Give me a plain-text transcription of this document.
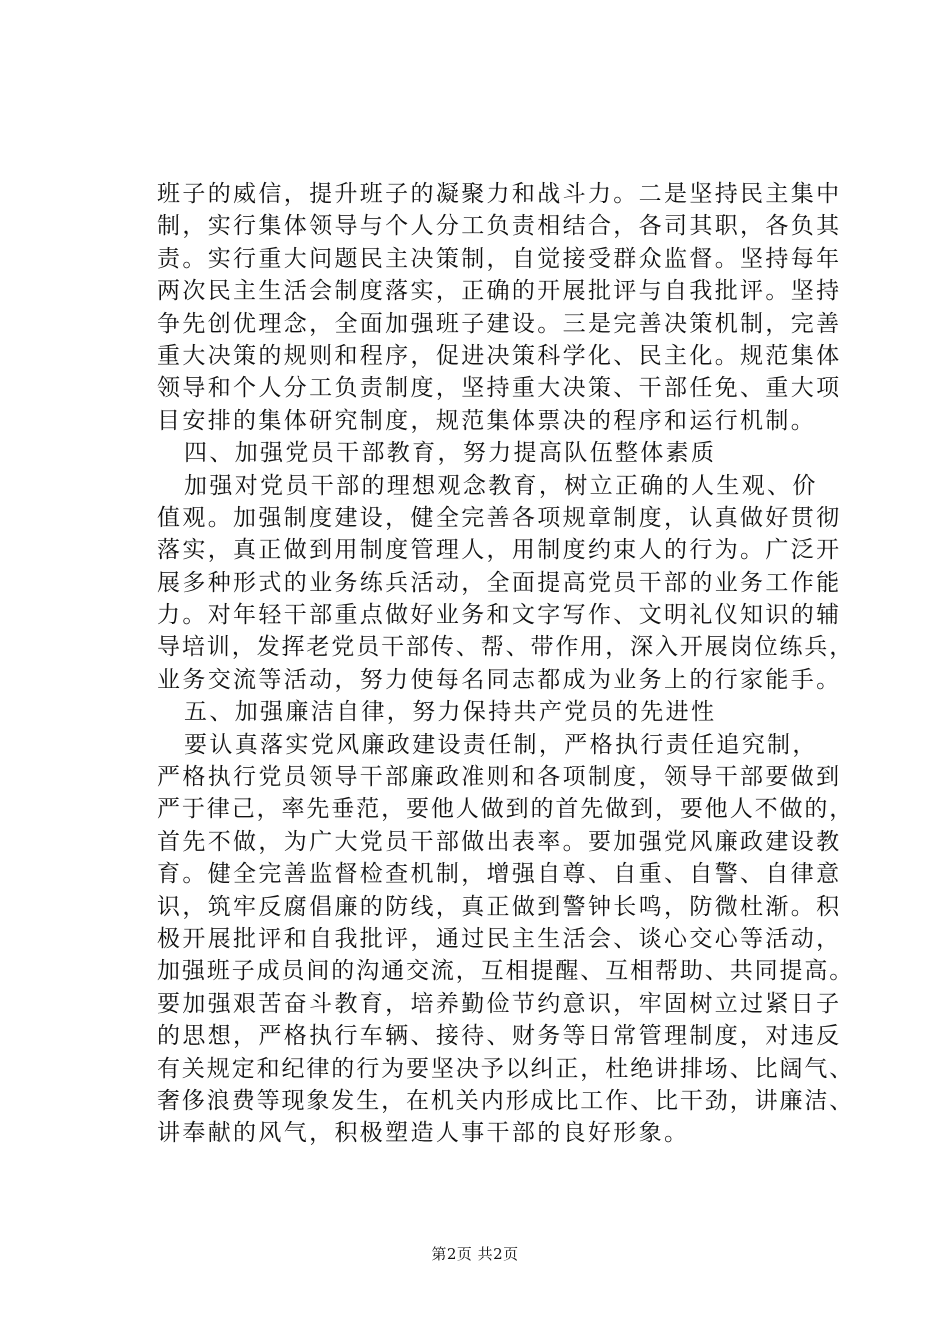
班子的威信，提升班子的凝聚力和战斗力。二是坚持民主集中
制，实行集体领导与个人分工负责相结合，各司其职，各负其
责。实行重大问题民主决策制，自觉接受群众监督。坚持每年
两次民主生活会制度落实，正确的开展批评与自我批评。坚持
争先创优理念，全面加强班子建设。三是完善决策机制，完善
重大决策的规则和程序，促进决策科学化、民主化。规范集体
领导和个人分工负责制度，坚持重大决策、干部任免、重大项
目安排的集体研究制度，规范集体票决的程序和运行机制。
四、加强党员干部教育，努力提高队伍整体素质
加强对党员干部的理想观念教育，树立正确的人生观、价
值观。加强制度建设，健全完善各项规章制度，认真做好贯彻
落实，真正做到用制度管理人，用制度约束人的行为。广泛开
展多种形式的业务练兵活动，全面提高党员干部的业务工作能
力。对年轻干部重点做好业务和文字写作、文明礼仪知识的辅
导培训，发挥老党员干部传、帮、带作用，深入开展岗位练兵，
业务交流等活动，努力使每名同志都成为业务上的行家能手。
五、加强廉洁自律，努力保持共产党员的先进性
要认真落实党风廉政建设责任制，严格执行责任追究制，
严格执行党员领导干部廉政准则和各项制度，领导干部要做到
严于律己，率先垂范，要他人做到的首先做到，要他人不做的，
首先不做，为广大党员干部做出表率。要加强党风廉政建设教
育。健全完善监督检查机制，增强自尊、自重、自警、自律意
识，筑牢反腐倡廉的防线，真正做到警钟长鸣，防微杜渐。积
极开展批评和自我批评，通过民主生活会、谈心交心等活动，
加强班子成员间的沟通交流，互相提醒、互相帮助、共同提高。
要加强艰苦奋斗教育，培养勤俭节约意识，牢固树立过紧日子
的思想，严格执行车辆、接待、财务等日常管理制度，对违反
有关规定和纪律的行为要坚决予以纠正，杜绝讲排场、比阔气、
奢侈浪费等现象发生，在机关内形成比工作、比干劲，讲廉洁、
讲奉献的风气，积极塑造人事干部的良好形象。
第2页 共2页
